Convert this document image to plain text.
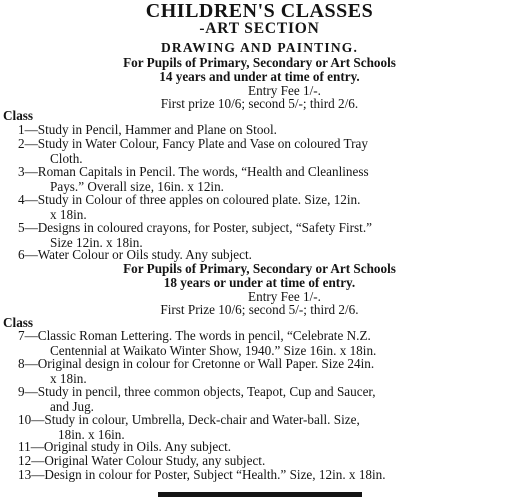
CHILDREN'S CLASSES
-ART SECTION
DRAWING AND PAINTING.
For Pupils of Primary, Secondary or Art Schools
14 years and under at time of entry.
Entry Fee 1/-.
First prize 10/6; second 5/-; third 2/6.
Class
1—Study in Pencil, Hammer and Plane on Stool.
2—Study in Water Colour, Fancy Plate and Vase on coloured Tray
Cloth.
3—Roman Capitals in Pencil. The words, “Health and Cleanliness
Pays.” Overall size, 16in. x 12in.
4—Study in Colour of three apples on coloured plate. Size, 12in.
x 18in.
5—Designs in coloured crayons, for Poster, subject, “Safety First.”
Size 12in. x 18in.
6—Water Colour or Oils study. Any subject.
For Pupils of Primary, Secondary or Art Schools
18 years or under at time of entry.
Entry Fee 1/-.
First Prize 10/6; second 5/-; third 2/6.
Class
7—Classic Roman Lettering. The words in pencil, “Celebrate N.Z.
Centennial at Waikato Winter Show, 1940.” Size 16in. x 18in.
8—Original design in colour for Cretonne or Wall Paper. Size 24in.
x 18in.
9—Study in pencil, three common objects, Teapot, Cup and Saucer,
and Jug.
10—Study in colour, Umbrella, Deck-chair and Water-ball. Size,
18in. x 16in.
11—Original study in Oils. Any subject.
12—Original Water Colour Study, any subject.
13—Design in colour for Poster, Subject “Health.” Size, 12in. x 18in.
